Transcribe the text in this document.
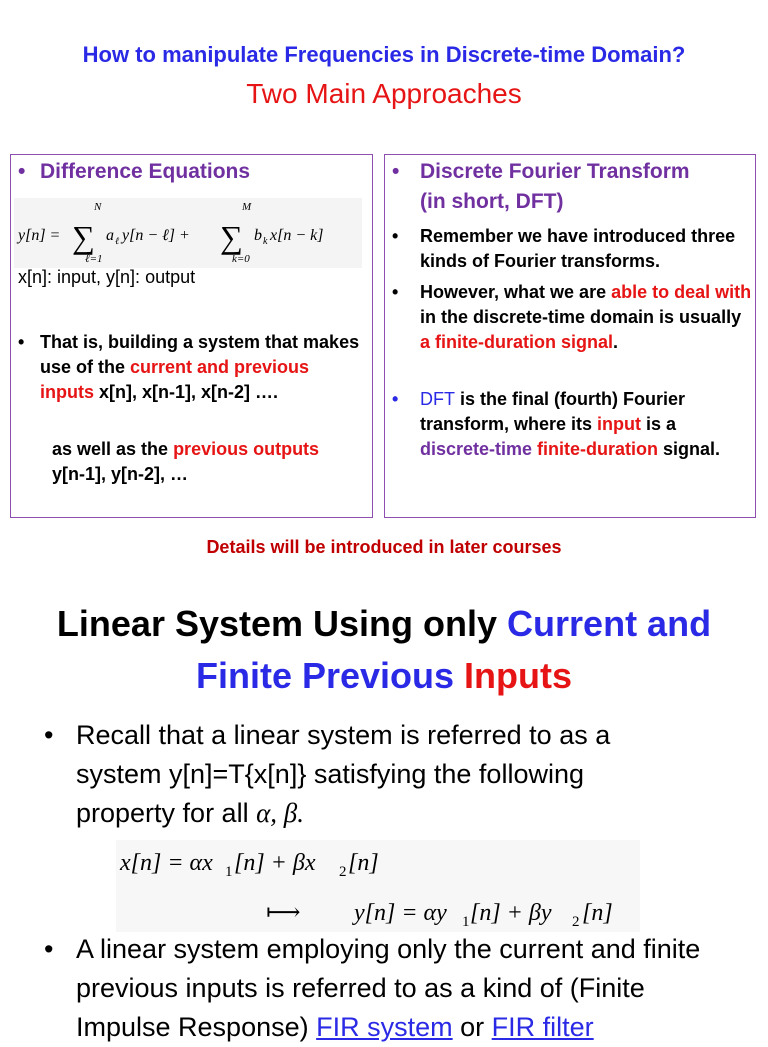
How to manipulate Frequencies in Discrete-time Domain?
Two Main Approaches
• Difference Equations
y[n] = ∑
N
ℓ=1
a ℓ y[n − ℓ] + ∑
M
k=0
b k x[n − k]
x[n]: input, y[n]: output
• That is, building a system that makes use of the current and previous inputs x[n], x[n-1], x[n-2] ….
as well as the previous outputs
y[n-1], y[n-2], …
• Discrete Fourier Transform
(in short, DFT)
•	Remember we have introduced three kinds of Fourier transforms.
•	However, what we are able to deal with in the discrete-time domain is usually a finite-duration signal.
•	DFT is the final (fourth) Fourier transform, where its input is a discrete-time finite-duration signal.
Details will be introduced in later courses
Linear System Using only Current and
Finite Previous Inputs
• Recall that a linear system is referred to as a system y[n]=T{x[n]} satisfying the following property for all α, β.
x[n] = αx 1 [n] + βx 2 [n]
⟼ y[n] = αy 1 [n] + βy 2 [n]
• A linear system employing only the current and finite previous inputs is referred to as a kind of (Finite Impulse Response) FIR system or FIR filter
